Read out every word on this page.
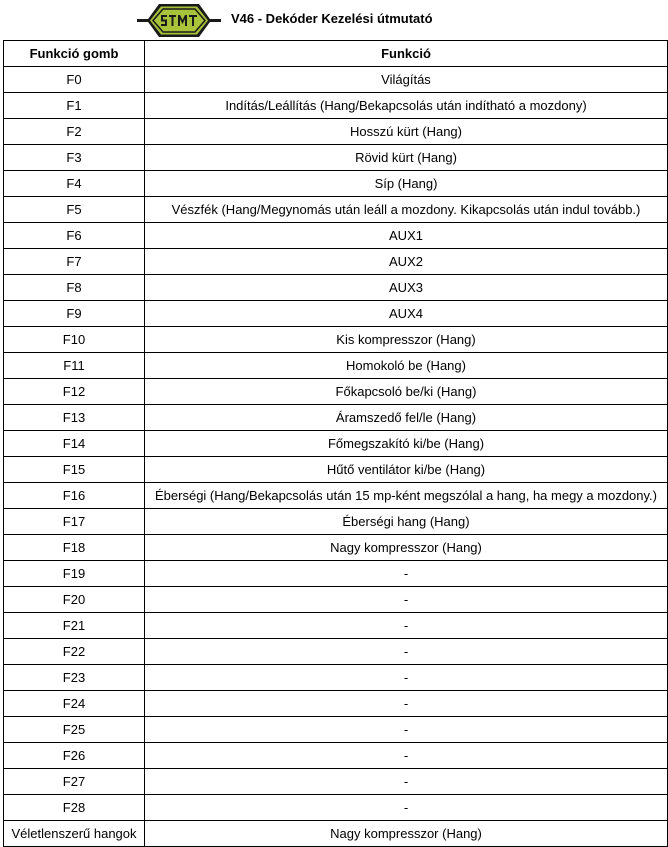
V46 - Dekóder Kezelési útmutató
Funkció gomb	Funkció
F0	Világítás
F1	Indítás/Leállítás (Hang/Bekapcsolás után indítható a mozdony)
F2	Hosszú kürt (Hang)
F3	Rövid kürt (Hang)
F4	Síp (Hang)
F5	Vészfék (Hang/Megynomás után leáll a mozdony. Kikapcsolás után indul tovább.)
F6	AUX1
F7	AUX2
F8	AUX3
F9	AUX4
F10	Kis kompresszor (Hang)
F11	Homokoló be (Hang)
F12	Főkapcsoló be/ki (Hang)
F13	Áramszedő fel/le (Hang)
F14	Főmegszakító ki/be (Hang)
F15	Hűtő ventilátor ki/be (Hang)
F16	Éberségi (Hang/Bekapcsolás után 15 mp-ként megszólal a hang, ha megy a mozdony.)
F17	Éberségi hang (Hang)
F18	Nagy kompresszor (Hang)
F19	-
F20	-
F21	-
F22	-
F23	-
F24	-
F25	-
F26	-
F27	-
F28	-
Véletlenszerű hangok	Nagy kompresszor (Hang)
